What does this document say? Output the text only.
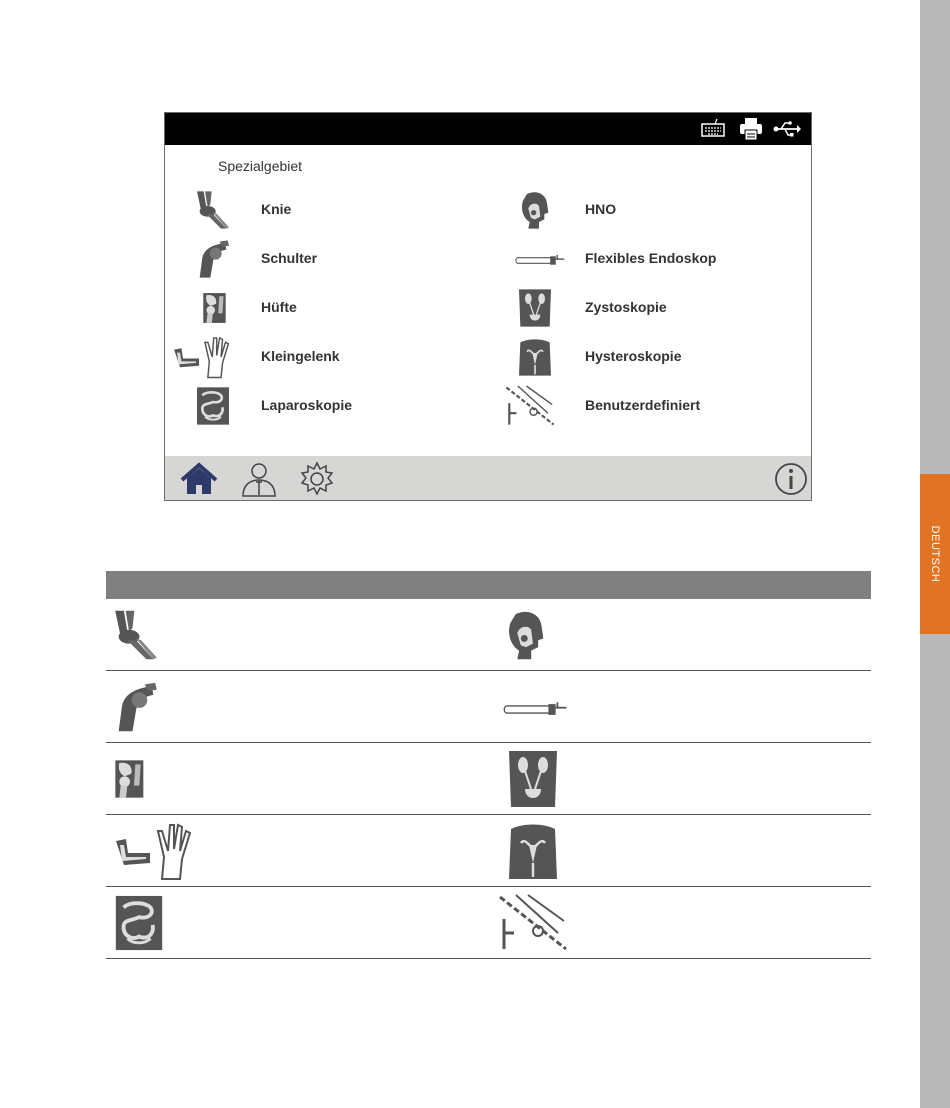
DEUTSCH
Spezialgebiet
Knie
Schulter
Hüfte
Kleingelenk
Laparoskopie
HNO
Flexibles Endoskop
Zystoskopie
Hysteroskopie
Benutzerdefiniert
